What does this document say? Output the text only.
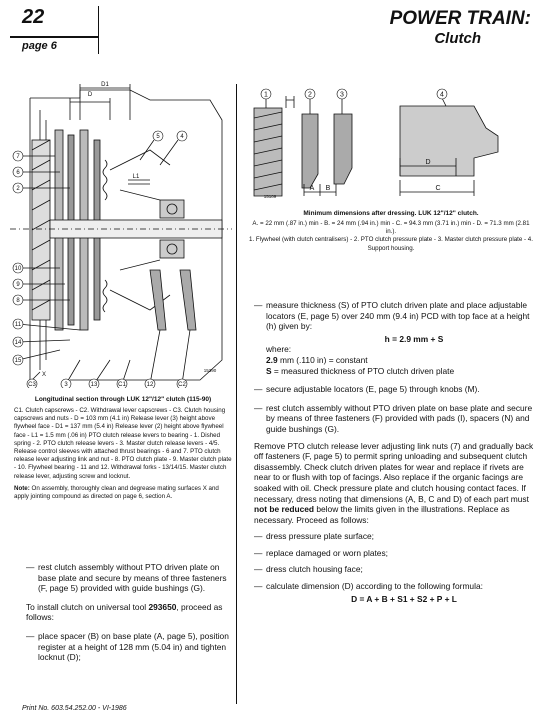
22
page 6
POWER TRAIN:
Clutch
7
6
2
10
9
8
11
14
15
5	4
C3	3	13	C1	12	C2
D1
D
L1
X
15390
Longitudinal section through LUK 12"/12" clutch (115-90)
C1. Clutch capscrews - C2. Withdrawal lever capscrews - C3. Clutch housing capscrews and nuts - D = 103 mm (4.1 in) Release lever (3) height above flywheel face - D1 = 137 mm (5.4 in) Release lever (2) height above flywheel face - L1 = 1.5 mm (.06 in) PTO clutch release levers to bearing - 1. Dished spring - 2. PTO clutch release levers - 3. Master clutch release levers - 4/5. Release control sleeves with attached thrust bearings - 6 and 7. PTO clutch release lever adjusting link and nut - 8. PTO clutch plate - 9. Master clutch plate - 10. Flywheel bearing - 11 and 12. Withdrawal forks - 13/14/15. Master clutch release lever, adjusting screw and locknut.
Note: On assembly, thoroughly clean and degrease mating surfaces X and apply jointing compound as directed on page 6, section A.
— rest clutch assembly without PTO driven plate on base plate and secure by means of three fasteners (F, page 5) provided with guide bushings (G).

To install clutch on universal tool 293650, proceed as follows:

— place spacer (B) on base plate (A, page 5), position register at a height of 128 mm (5.04 in) and tighten locknut (D);
1	2	3	4
A B	C
D
15109
Minimum dimensions after dressing. LUK 12"/12" clutch.
A. = 22 mm (.87 in.) min - B. = 24 mm (.94 in.) min - C. = 94.3 mm (3.71 in.) min - D. = 71.3 mm (2.81 in.).
1. Flywheel (with clutch centralisers) - 2. PTO clutch pressure plate - 3. Master clutch pressure plate - 4. Support housing.
— measure thickness (S) of PTO clutch driven plate and place adjustable locators (E, page 5) over 240 mm (9.4 in) PCD with top face at a height (h) given by:
h = 2.9 mm + S
where:
2.9 mm (.110 in) = constant
S = measured thickness of PTO clutch driven plate
— secure adjustable locators (E, page 5) through knobs (M).
— rest clutch assembly without PTO driven plate on base plate and secure by means of three fasteners (F) provided with pads (I), spacers (N) and guide bushings (G).

Remove PTO clutch release lever adjusting link nuts (7) and gradually back off fasteners (F, page 5) to permit spring unloading and subsequent clutch disassembly. Check clutch driven plates for wear and replace if rivets are near to or flush with top of facings. Also replace if the organic facings are soaked with oil. Check pressure plate and clutch housing contact faces. If necessary, dress noting that dimensions (A, B, C and D) of each part must not be reduced below the limits given in the illustrations. Replace as necessary. Proceed as follows:

— dress pressure plate surface;
— replace damaged or worn plates;
— dress clutch housing face;
— calculate dimension (D) according to the following formula:
D = A + B + S1 + S2 + P + L
Print No. 603.54.252.00 - VI-1986
